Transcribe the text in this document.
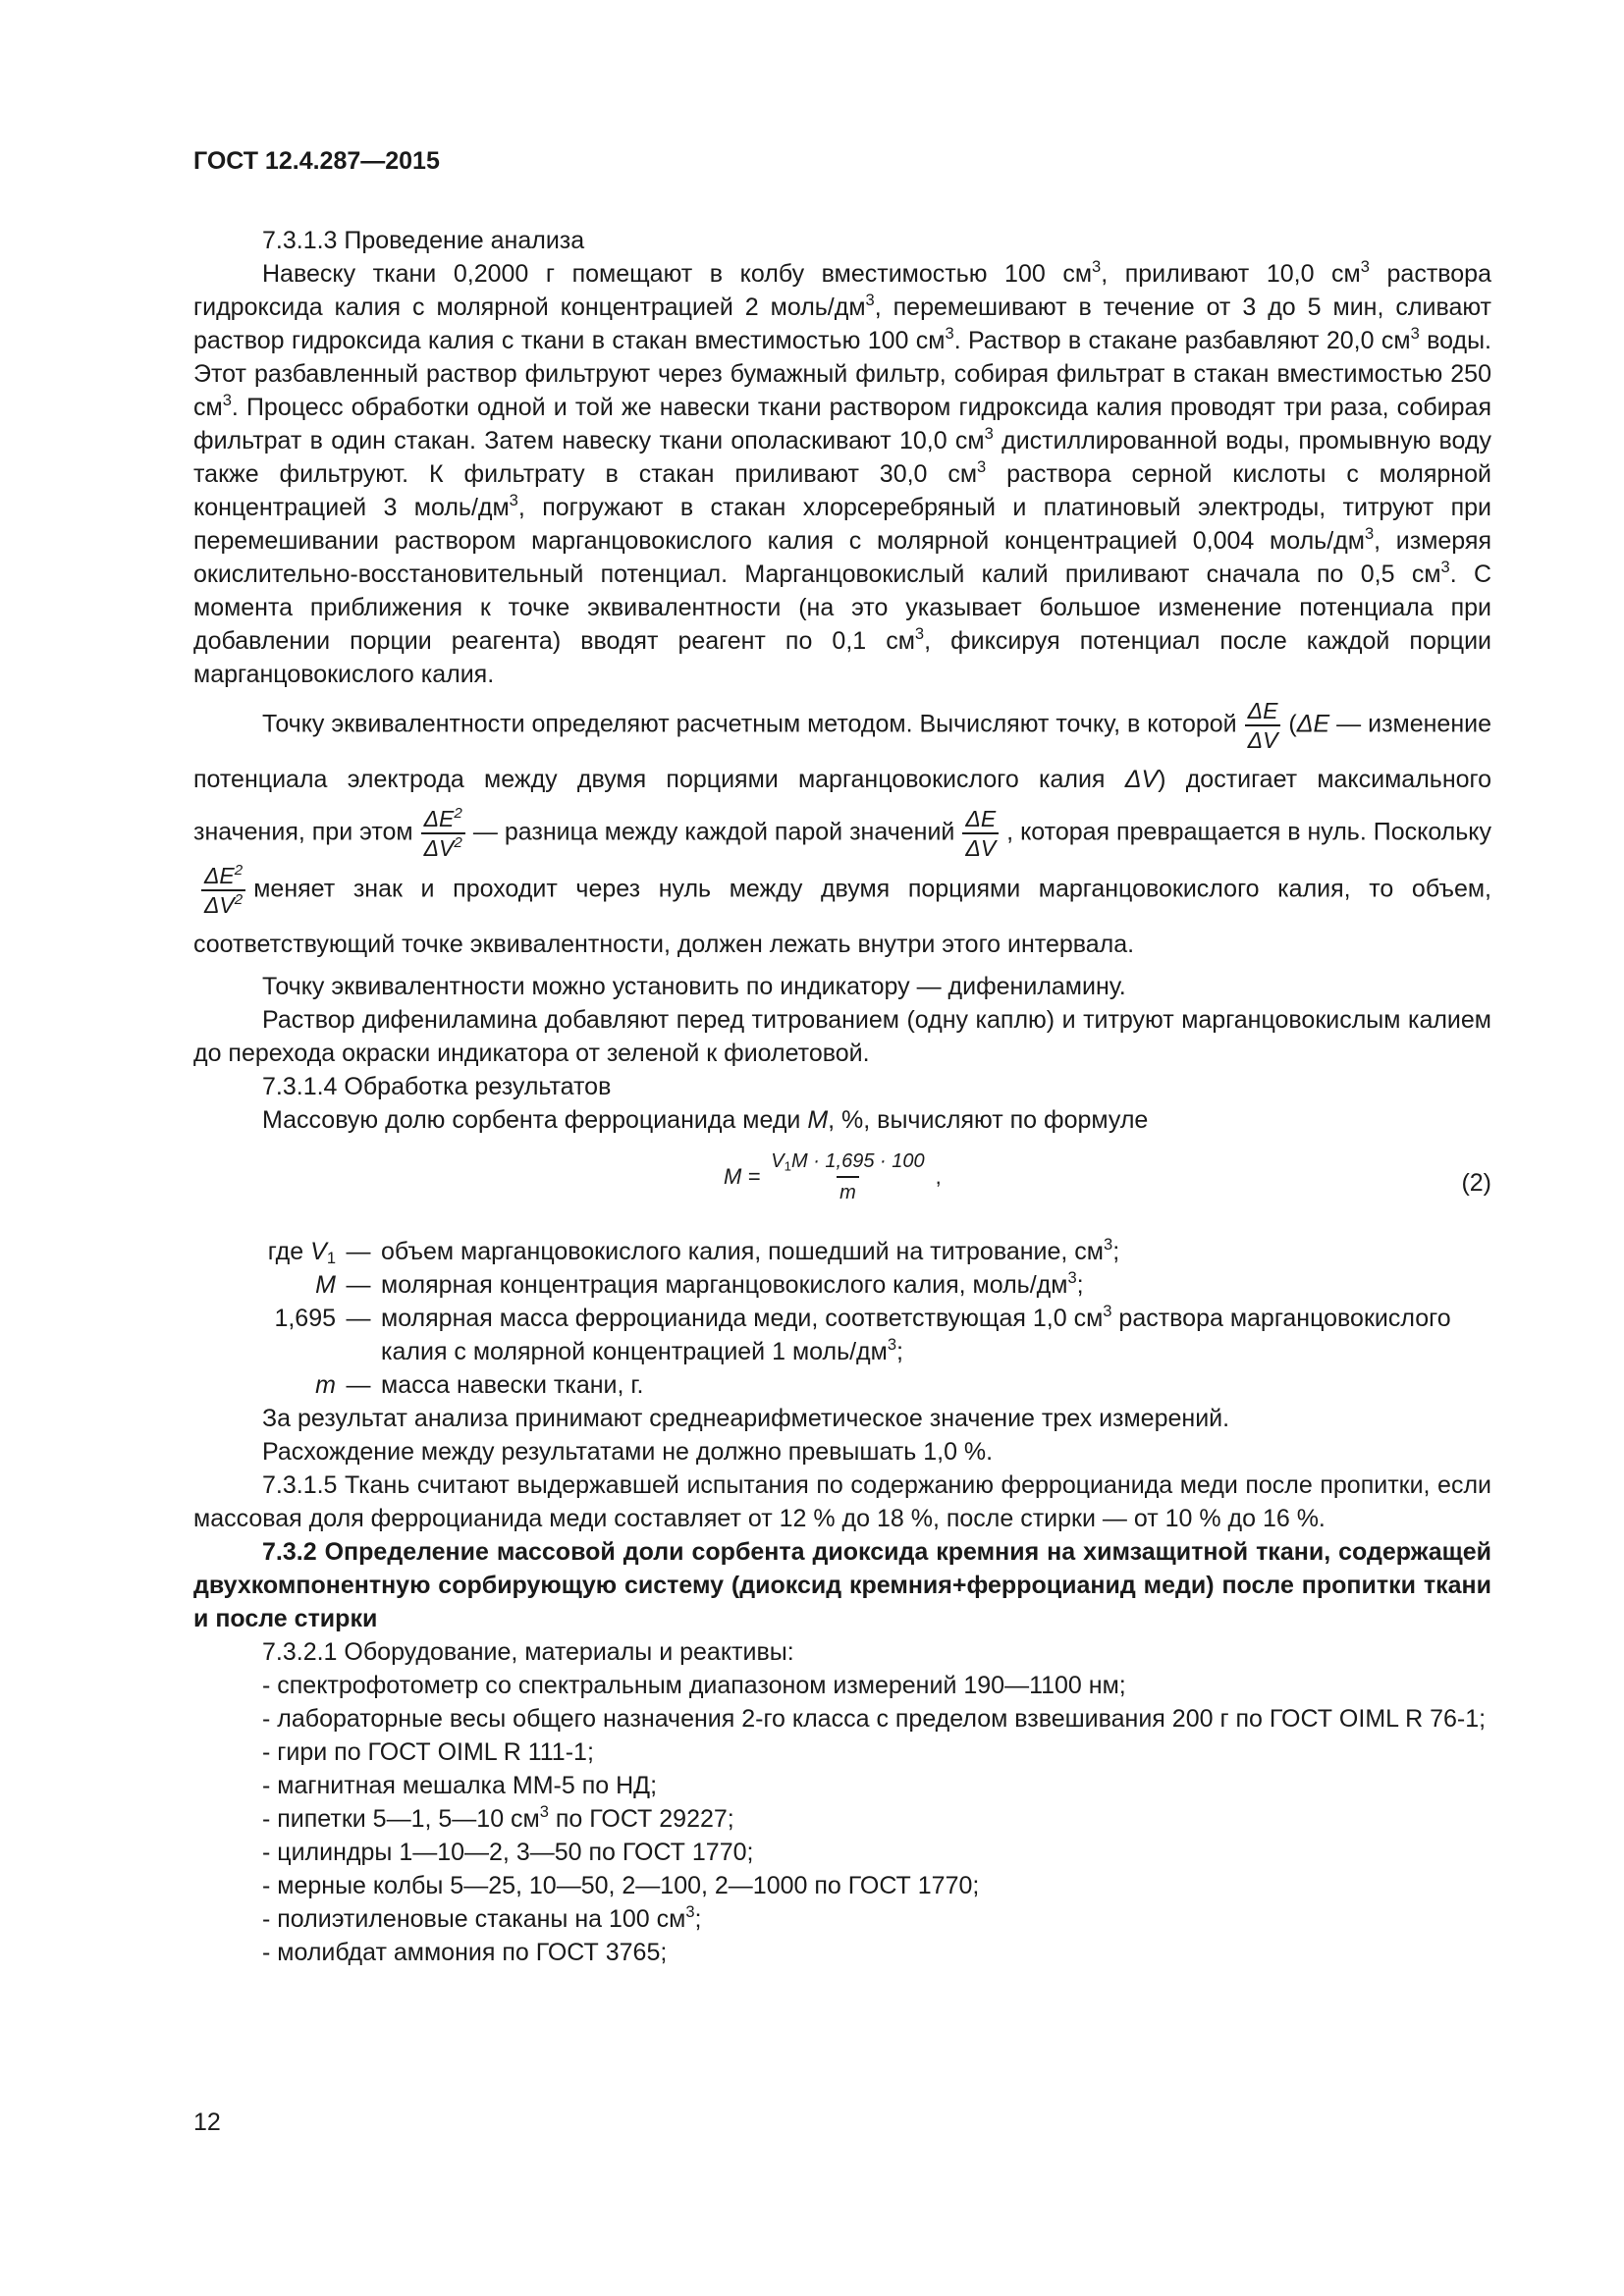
ГОСТ 12.4.287—2015

7.3.1.3 Проведение анализа

Навеску ткани 0,2000 г помещают в колбу вместимостью 100 $см^3$, приливают 10,0 $см^3$ раствора гидроксида калия с молярной концентрацией 2 моль/$дм^3$, перемешивают в течение от 3 до 5 мин, сливают раствор гидроксида калия с ткани в стакан вместимостью 100 $см^3$. Раствор в стакане разбавляют 20,0 $см^3$ воды. Этот разбавленный раствор фильтруют через бумажный фильтр, собирая фильтрат в стакан вместимостью 250 $см^3$. Процесс обработки одной и той же навески ткани раствором гидроксида калия проводят три раза, собирая фильтрат в один стакан. Затем навеску ткани ополаскивают 10,0 $см^3$ дистиллированной воды, промывную воду также фильтруют. К фильтрату в стакан приливают 30,0 $см^3$ раствора серной кислоты с молярной концентрацией 3 моль/$дм^3$, погружают в стакан хлорсеребряный и платиновый электроды, титруют при перемешивании раствором марганцовокислого калия с молярной концентрацией 0,004 моль/$дм^3$, измеряя окислительно-восстановительный потенциал. Марганцовокислый калий приливают сначала по 0,5 $см^3$. С момента приближения к точке эквивалентности (на это указывает большое изменение потенциала при добавлении порции реагента) вводят реагент по 0,1 $см^3$, фиксируя потенциал после каждой порции марганцовокислого калия.

Точку эквивалентности определяют расчетным методом. Вычисляют точку, в которой $\frac{\Delta E}{\Delta V} (\Delta E$ — изменение потенциала электрода между двумя порциями марганцовокислого калия ΔV) достигает максимального значения, при этом $\frac{\Delta E^2}{\Delta V^2}$ — разница между каждой парой значений $\frac{\Delta E}{\Delta V}$ , которая превращается в нуль. Поскольку
$\frac{\Delta E^2}{\Delta V^2}$ меняет знак и проходит через нуль между двумя порциями марганцовокислого калия, то объем, соответствующий точке эквивалентности, должен лежать внутри этого интервала.

Точку эквивалентности можно установить по индикатору — дифениламину.

Раствор дифениламина добавляют перед титрованием (одну каплю) и титруют марганцовокислым калием до перехода окраски индикатора от зеленой к фиолетовой.

7.3.1.4 Обработка результатов

Массовую долю сорбента ферроцианида меди M, %, вычисляют по формуле

$M = \frac{V_1M \cdot 1,695 \cdot 100}{m}$ ,	(2)
где $V_1$ — объем марганцовокислого калия, пошедший на титрование, $см^3$;
M — молярная концентрация марганцовокислого калия, моль/$дм^3$;
1,695 — молярная масса ферроцианида меди, соответствующая 1,0 $см^3$ раствора марганцовокислого калия с молярной концентрацией 1 моль/$дм^3$;
m — масса навески ткани, г.

За результат анализа принимают среднеарифметическое значение трех измерений.

Расхождение между результатами не должно превышать 1,0 %.

7.3.1.5 Ткань считают выдержавшей испытания по содержанию ферроцианида меди после пропитки, если массовая доля ферроцианида меди составляет от 12 % до 18 %, после стирки — от 10 % до 16 %.

7.3.2 Определение массовой доли сорбента диоксида кремния на химзащитной ткани, содержащей двухкомпонентную сорбирующую систему (диоксид кремния+ферроцианид меди) после пропитки ткани и после стирки

7.3.2.1 Оборудование, материалы и реактивы:

- спектрофотометр со спектральным диапазоном измерений 190—1100 нм;

- лабораторные весы общего назначения 2-го класса с пределом взвешивания 200 г по ГОСТ OIML R 76-1;

- гири по ГОСТ OIML R 111-1;

- магнитная мешалка ММ-5 по НД;

- пипетки 5—1, 5—10 $см^3$ по ГОСТ 29227;

- цилиндры 1—10—2, 3—50 по ГОСТ 1770;

- мерные колбы 5—25, 10—50, 2—100, 2—1000 по ГОСТ 1770;

- полиэтиленовые стаканы на 100 $см^3$;

- молибдат аммония по ГОСТ 3765;

12
